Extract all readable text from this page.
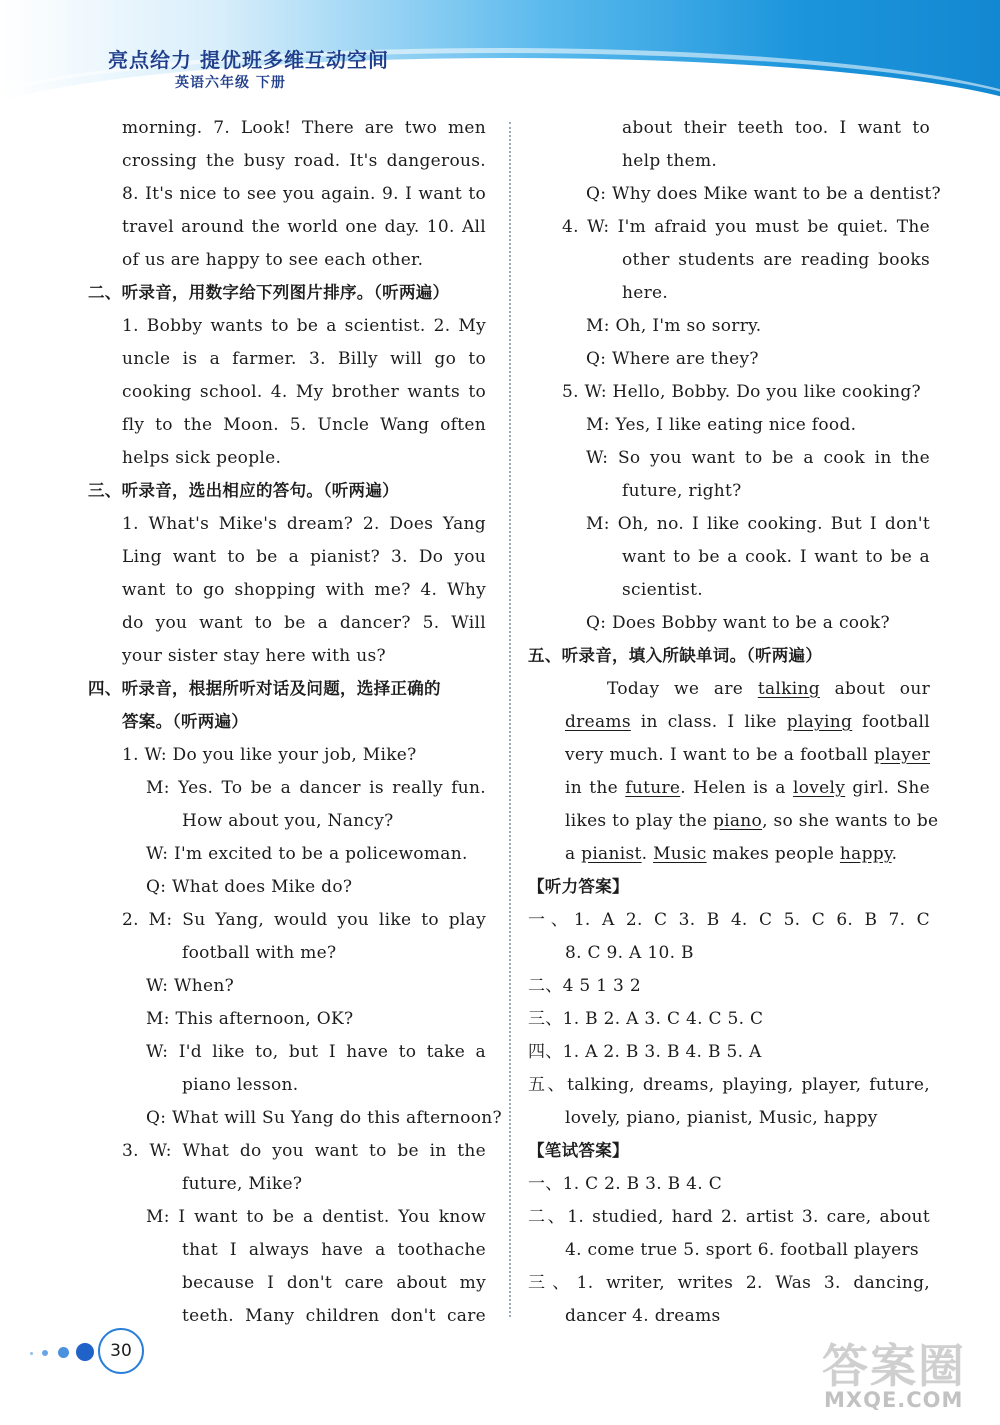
亮点给力 提优班多维互动空间
英语六年级 下册
morning. 7. Look! There are two men
crossing the busy road. It's dangerous.
8. It's nice to see you again. 9. I want to
travel around the world one day. 10. All
of us are happy to see each other.
二、听录音，用数字给下列图片排序。（听两遍）
1. Bobby wants to be a scientist. 2. My
uncle is a farmer. 3. Billy will go to
cooking school. 4. My brother wants to
fly to the Moon. 5. Uncle Wang often
helps sick people.
三、听录音，选出相应的答句。（听两遍）
1. What's Mike's dream? 2. Does Yang
Ling want to be a pianist? 3. Do you
want to go shopping with me? 4. Why
do you want to be a dancer? 5. Will
your sister stay here with us?
四、听录音，根据所听对话及问题，选择正确的
答案。（听两遍）
1. W: Do you like your job, Mike?
M: Yes. To be a dancer is really fun.
How about you, Nancy?
W: I'm excited to be a policewoman.
Q: What does Mike do?
2. M: Su Yang, would you like to play
football with me?
W: When?
M: This afternoon, OK?
W: I'd like to, but I have to take a
piano lesson.
Q: What will Su Yang do this afternoon?
3. W: What do you want to be in the
future, Mike?
M: I want to be a dentist. You know
that I always have a toothache
because I don't care about my
teeth. Many children don't care
about their teeth too. I want to
help them.
Q: Why does Mike want to be a dentist?
4. W: I'm afraid you must be quiet. The
other students are reading books
here.
M: Oh, I'm so sorry.
Q: Where are they?
5. W: Hello, Bobby. Do you like cooking?
M: Yes, I like eating nice food.
W: So you want to be a cook in the
future, right?
M: Oh, no. I like cooking. But I don't
want to be a cook. I want to be a
scientist.
Q: Does Bobby want to be a cook?
五、听录音，填入所缺单词。（听两遍）
Today we are talking about our
dreams in class. I like playing football
very much. I want to be a football player
in the future. Helen is a lovely girl. She
likes to play the piano, so she wants to be
a pianist. Music makes people happy.
【听力答案】
一、1. A 2. C 3. B 4. C 5. C 6. B 7. C
8. C 9. A 10. B
二、4 5 1 3 2
三、1. B 2. A 3. C 4. C 5. C
四、1. A 2. B 3. B 4. B 5. A
五、talking, dreams, playing, player, future,
lovely, piano, pianist, Music, happy
【笔试答案】
一、1. C 2. B 3. B 4. C
二、1. studied, hard 2. artist 3. care, about
4. come true 5. sport 6. football players
三、1. writer, writes 2. Was 3. dancing,
dancer 4. dreams
30	答案圈
MXQE.COM
